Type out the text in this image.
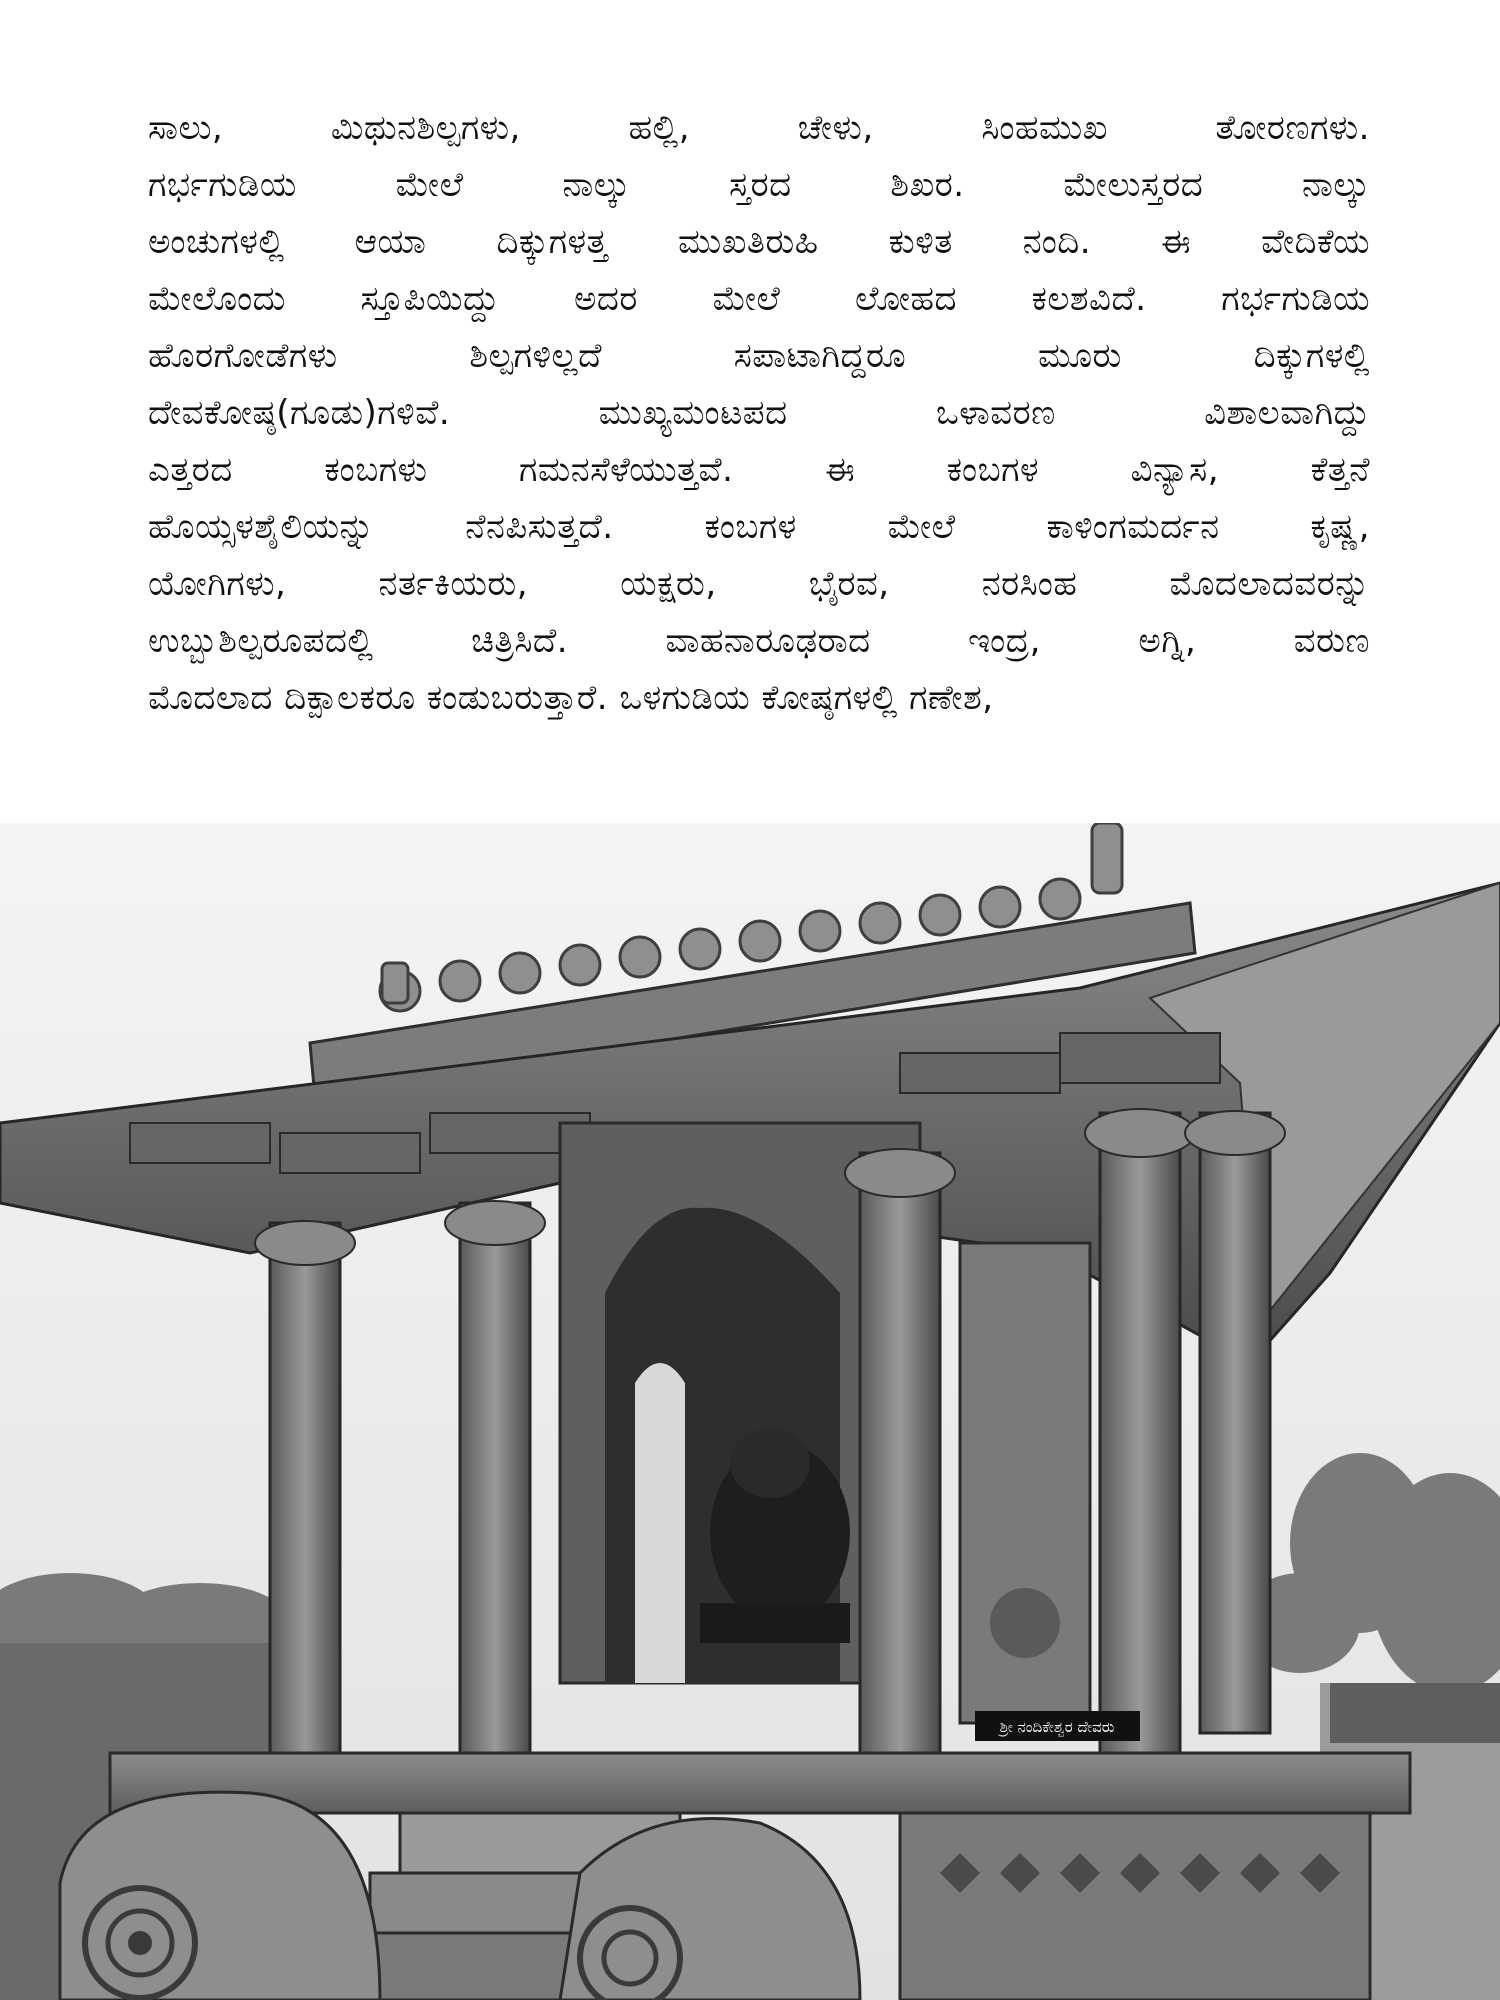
ಸಾಲು, ಮಿಥುನಶಿಲ್ಪಗಳು, ಹಲ್ಲಿ, ಚೇಳು, ಸಿಂಹಮುಖ ತೋರಣಗಳು.
ಗರ್ಭಗುಡಿಯ ಮೇಲೆ ನಾಲ್ಕು ಸ್ತರದ ಶಿಖರ. ಮೇಲುಸ್ತರದ ನಾಲ್ಕು
ಅಂಚುಗಳಲ್ಲಿ ಆಯಾ ದಿಕ್ಕುಗಳತ್ತ ಮುಖತಿರುಹಿ ಕುಳಿತ ನಂದಿ. ಈ ವೇದಿಕೆಯ
ಮೇಲೊಂದು ಸ್ತೂಪಿಯಿದ್ದು ಅದರ ಮೇಲೆ ಲೋಹದ ಕಲಶವಿದೆ. ಗರ್ಭಗುಡಿಯ
ಹೊರಗೋಡೆಗಳು ಶಿಲ್ಪಗಳಿಲ್ಲದೆ ಸಪಾಟಾಗಿದ್ದರೂ ಮೂರು ದಿಕ್ಕುಗಳಲ್ಲಿ
ದೇವಕೋಷ್ಠ(ಗೂಡು)ಗಳಿವೆ. ಮುಖ್ಯಮಂಟಪದ ಒಳಾವರಣ ವಿಶಾಲವಾಗಿದ್ದು
ಎತ್ತರದ ಕಂಬಗಳು ಗಮನಸೆಳೆಯುತ್ತವೆ. ಈ ಕಂಬಗಳ ವಿನ್ಯಾಸ, ಕೆತ್ತನೆ
ಹೊಯ್ಸಳಶೈಲಿಯನ್ನು ನೆನಪಿಸುತ್ತದೆ. ಕಂಬಗಳ ಮೇಲೆ ಕಾಳಿಂಗಮರ್ದನ ಕೃಷ್ಣ,
ಯೋಗಿಗಳು, ನರ್ತಕಿಯರು, ಯಕ್ಷರು, ಭೈರವ, ನರಸಿಂಹ ಮೊದಲಾದವರನ್ನು
ಉಬ್ಬುಶಿಲ್ಪರೂಪದಲ್ಲಿ ಚಿತ್ರಿಸಿದೆ. ವಾಹನಾರೂಢರಾದ ಇಂದ್ರ, ಅಗ್ನಿ, ವರುಣ
ಮೊದಲಾದ ದಿಕ್ಪಾಲಕರೂ ಕಂಡುಬರುತ್ತಾರೆ. ಒಳಗುಡಿಯ ಕೋಷ್ಠಗಳಲ್ಲಿ ಗಣೇಶ,
ಶ್ರೀ ನಂದಿಕೇಶ್ವರ ದೇವರು
